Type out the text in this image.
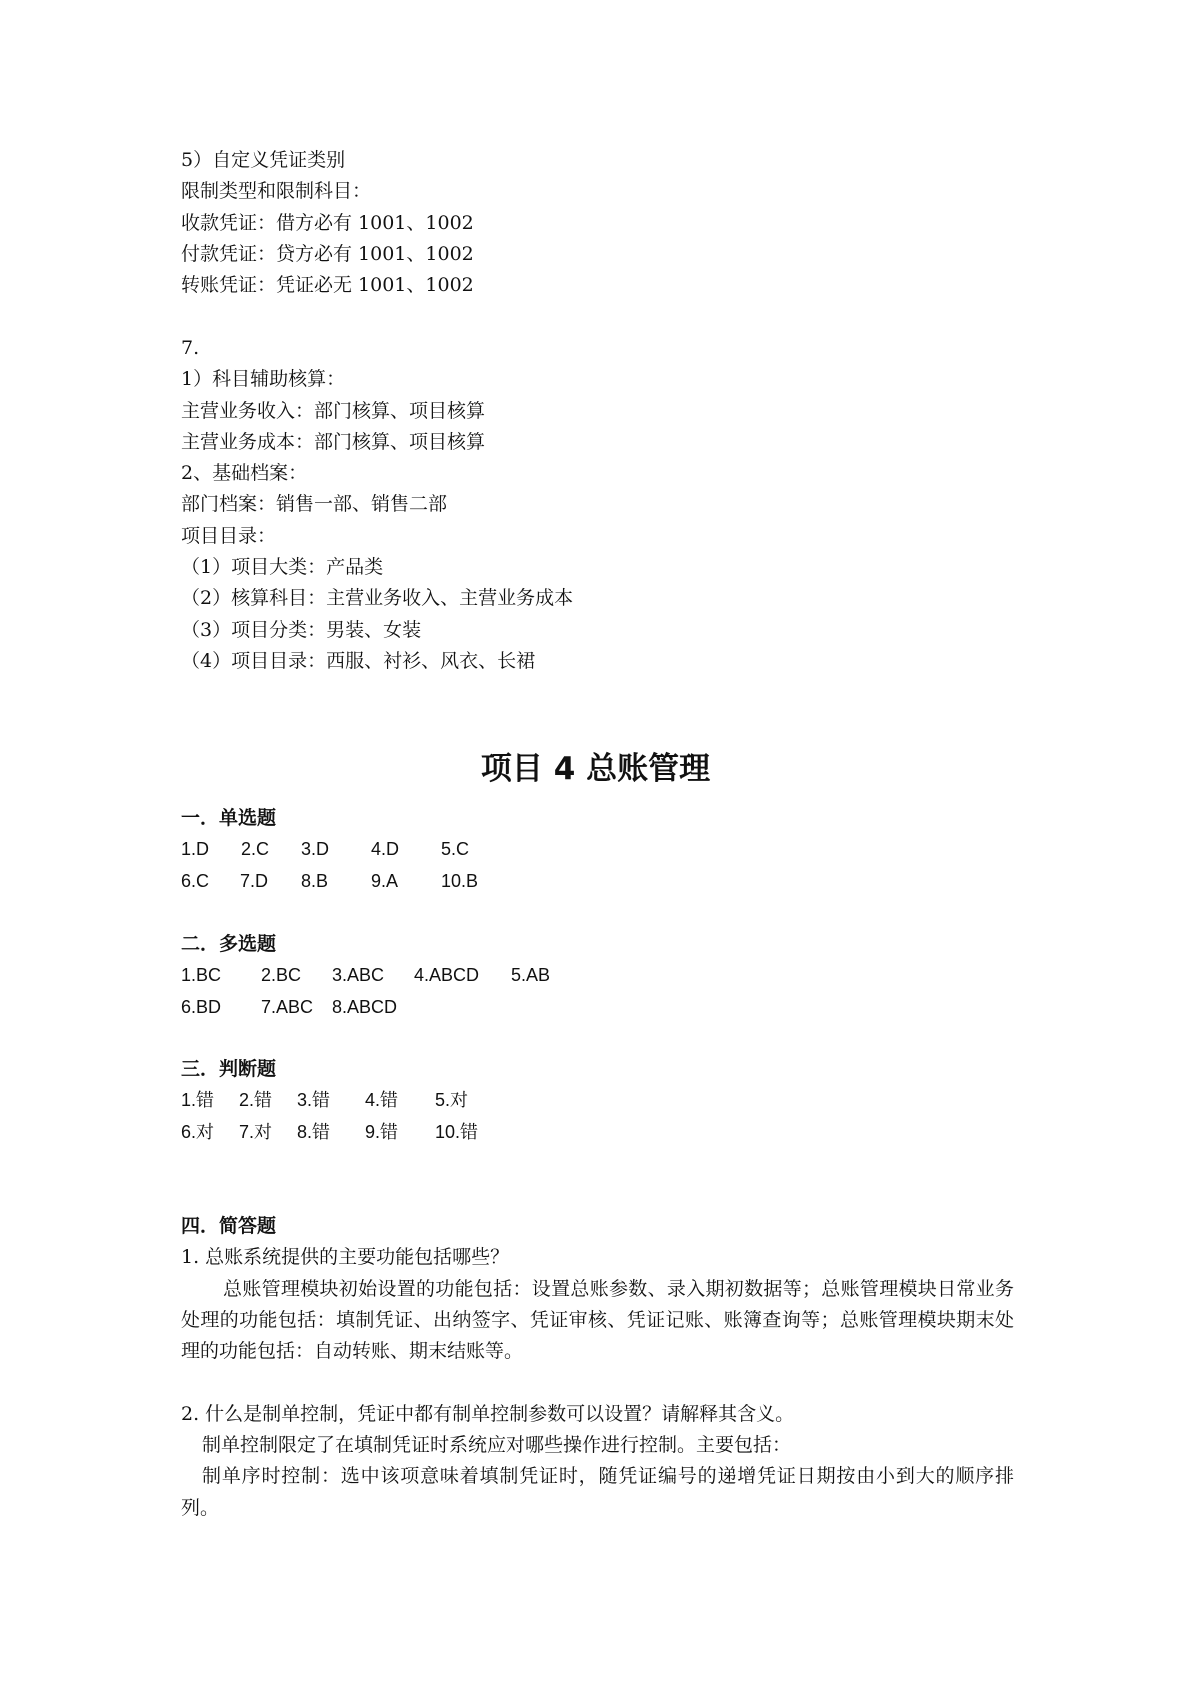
5）自定义凭证类别
限制类型和限制科目：
收款凭证：借方必有 1001、1002
付款凭证：贷方必有 1001、1002
转账凭证：凭证必无 1001、1002
7.
1）科目辅助核算：
主营业务收入：部门核算、项目核算
主营业务成本：部门核算、项目核算
2、基础档案：
部门档案：销售一部、销售二部
项目目录：
（1）项目大类：产品类
（2）核算科目：主营业务收入、主营业务成本
（3）项目分类：男装、女装
（4）项目目录：西服、衬衫、风衣、长裙
项目 4 总账管理
一．单选题
1.D	2.C	3.D	4.D	5.C
6.C	7.D	8.B	9.A	10.B
二．多选题
1.BC	2.BC	3.ABC	4.ABCD	5.AB
6.BD	7.ABC	8.ABCD
三．判断题
1.错	2.错	3.错	4.错	5.对
6.对	7.对	8.错	9.错	10.错
四．简答题
1. 总账系统提供的主要功能包括哪些？
总账管理模块初始设置的功能包括：设置总账参数、录入期初数据等；总账管理模块日常业务处理的功能包括：填制凭证、出纳签字、凭证审核、凭证记账、账簿查询等；总账管理模块期末处理的功能包括：自动转账、期末结账等。
2. 什么是制单控制，凭证中都有制单控制参数可以设置？请解释其含义。
制单控制限定了在填制凭证时系统应对哪些操作进行控制。主要包括：
制单序时控制：选中该项意味着填制凭证时，随凭证编号的递增凭证日期按由小到大的顺序排列。
